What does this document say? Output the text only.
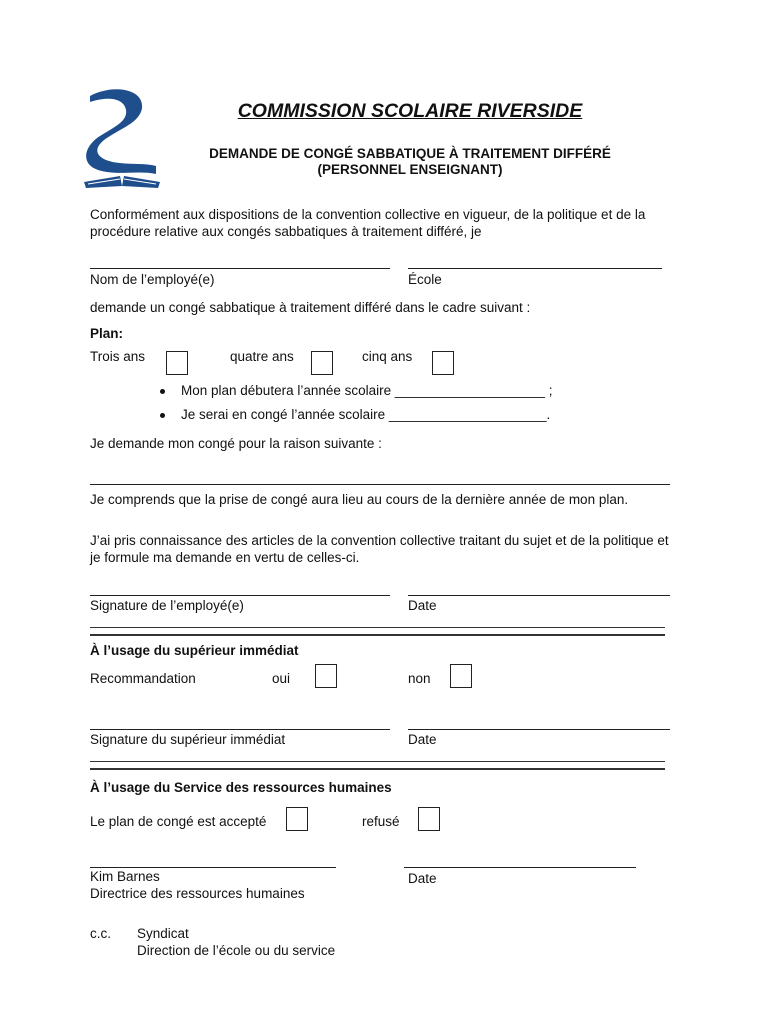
COMMISSION SCOLAIRE RIVERSIDE
DEMANDE DE CONGÉ SABBATIQUE À TRAITEMENT DIFFÉRÉ
(PERSONNEL ENSEIGNANT)
Conformément aux dispositions de la convention collective en vigueur, de la politique et de la procédure relative aux congés sabbatiques à traitement différé, je
Nom de l’employé(e)	École
demande un congé sabbatique à traitement différé dans le cadre suivant :
Plan:
Trois ans	quatre ans	cinq ans
Mon plan débutera l’année scolaire ____________________ ;
Je serai en congé l’année scolaire _____________________.
Je demande mon congé pour la raison suivante :
Je comprends que la prise de congé aura lieu au cours de la dernière année de mon plan.
J’ai pris connaissance des articles de la convention collective traitant du sujet et de la politique et je formule ma demande en vertu de celles-ci.
Signature de l’employé(e)	Date
À l’usage du supérieur immédiat
Recommandation	oui	non
Signature du supérieur immédiat	Date
À l’usage du Service des ressources humaines
Le plan de congé est accepté	refusé
Kim Barnes
Directrice des ressources humaines
Date
c.c. Syndicat
Direction de l’école ou du service
